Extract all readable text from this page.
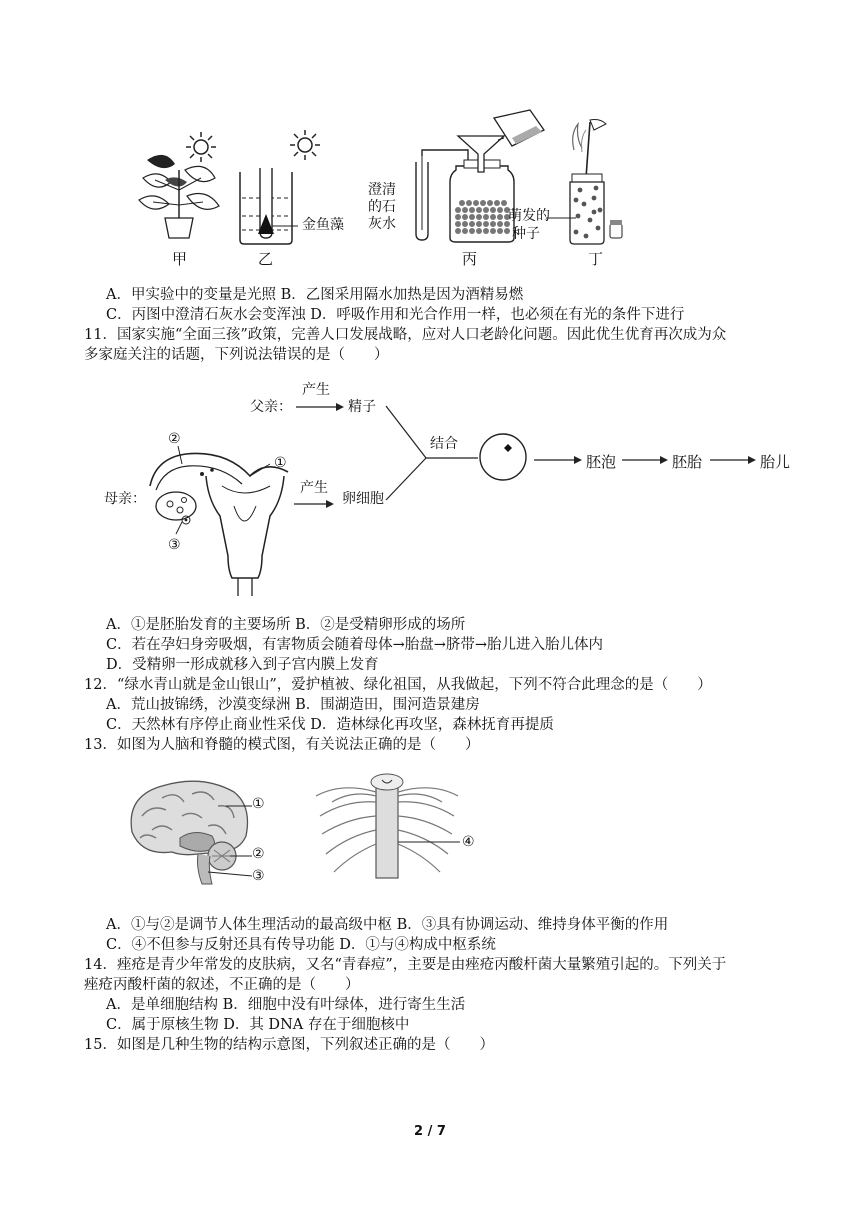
金鱼藻
澄清
的石
灰水	萌发的
种子
甲	乙	丙	丁
A．甲实验中的变量是光照 B．乙图采用隔水加热是因为酒精易燃
C．丙图中澄清石灰水会变浑浊 D．呼吸作用和光合作用一样，也必须在有光的条件下进行
11．国家实施“全面三孩”政策，完善人口发展战略，应对人口老龄化问题。因此优生优育再次成为众
多家庭关注的话题，下列说法错误的是（　　）
父亲：
产生
精子
②
①
③
母亲：
产生
卵细胞
结合
胚泡	胚胎	胎儿
A．①是胚胎发育的主要场所 B．②是受精卵形成的场所
C．若在孕妇身旁吸烟，有害物质会随着母体→胎盘→脐带→胎儿进入胎儿体内
D．受精卵一形成就移入到子宫内膜上发育
12．“绿水青山就是金山银山”，爱护植被、绿化祖国，从我做起，下列不符合此理念的是（　　）
A．荒山披锦绣，沙漠变绿洲 B．围湖造田，围河造景建房
C．天然林有序停止商业性采伐 D．造林绿化再攻坚，森林抚育再提质
13．如图为人脑和脊髓的模式图，有关说法正确的是（　　）
①
②
③
④
A．①与②是调节人体生理活动的最高级中枢 B．③具有协调运动、维持身体平衡的作用
C．④不但参与反射还具有传导功能 D．①与④构成中枢系统
14．痤疮是青少年常发的皮肤病，又名“青春痘”，主要是由痤疮丙酸杆菌大量繁殖引起的。下列关于
痤疮丙酸杆菌的叙述，不正确的是（　　）
A．是单细胞结构 B．细胞中没有叶绿体，进行寄生生活
C．属于原核生物 D．其 DNA 存在于细胞核中
15．如图是几种生物的结构示意图，下列叙述正确的是（　　）
2 / 7
